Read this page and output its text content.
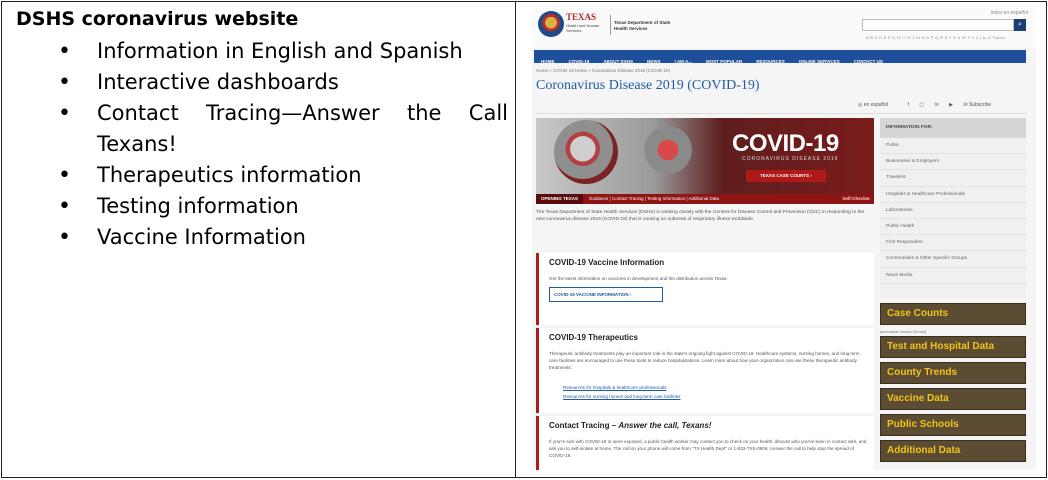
DSHS coronavirus website
• Information in English and Spanish
• Interactive dashboards
• Contact Tracing—Answer the Call Texans!
• Therapeutics information
• Testing information
• Vaccine Information
TEXAS
Health and Human Services
Texas Department of State Health Services
inicio en español
⌕
A B C D E F G H I J K L M N O P Q R S T U V W X Y Z | A–Z Topics
HOME	COVID-19	ABOUT DSHS	NEWS	I AM A...	MOST POPULAR	RESOURCES	ONLINE SERVICES	CONTACT US
Home » COVID-19 Home » Coronavirus Disease 2019 (COVID-19)
Coronavirus Disease 2019 (COVID-19)
◎ en español	f ▢ ✉ ▶ ✉ Subscribe
COVID-19
CORONAVIRUS DISEASE 2019
TEXAS CASE COUNTS ›
OPENING TEXAS Guidance | Contact Tracing | Testing Information | Additional Data	Self-Checker
The Texas Department of State Health Services (DSHS) is working closely with the Centers for Disease Control and Prevention (CDC) in responding to the new coronavirus disease 2019 (COVID-19) that is causing an outbreak of respiratory illness worldwide.
COVID-19 Vaccine Information

Get the latest information on vaccines in development and the distribution across Texas.

COVID-19 VACCINE INFORMATION ›
COVID-19 Therapeutics

Therapeutic antibody treatments play an important role in the state's ongoing fight against COVID-19. Healthcare systems, nursing homes, and long term care facilities are encouraged to use these tools to reduce hospitalizations. Learn more about how your organization can use these therapeutic antibody treatments:

Resources for hospitals & healthcare professionals
Resources for nursing homes and long-term care facilities
Contact Tracing – Answer the call, Texans!

If you're sick with COVID-19 or were exposed, a public health worker may contact you to check on your health, discuss who you've been in contact with, and ask you to self-isolate at home. The call on your phone will come from "TX Health Dept" or 1-833-TXS-0909. Answer the call to help stop the spread of COVID-19.

INFORMATION FOR:
Public
Businesses & Employers
Travelers
Hospitals & Healthcare Professionals
Laboratories
Public Health
First Responders
Communities & Other Specific Groups
News Media
Case Counts
accessible version (Excel)
Test and Hospital Data
County Trends
Vaccine Data
Public Schools
Additional Data
